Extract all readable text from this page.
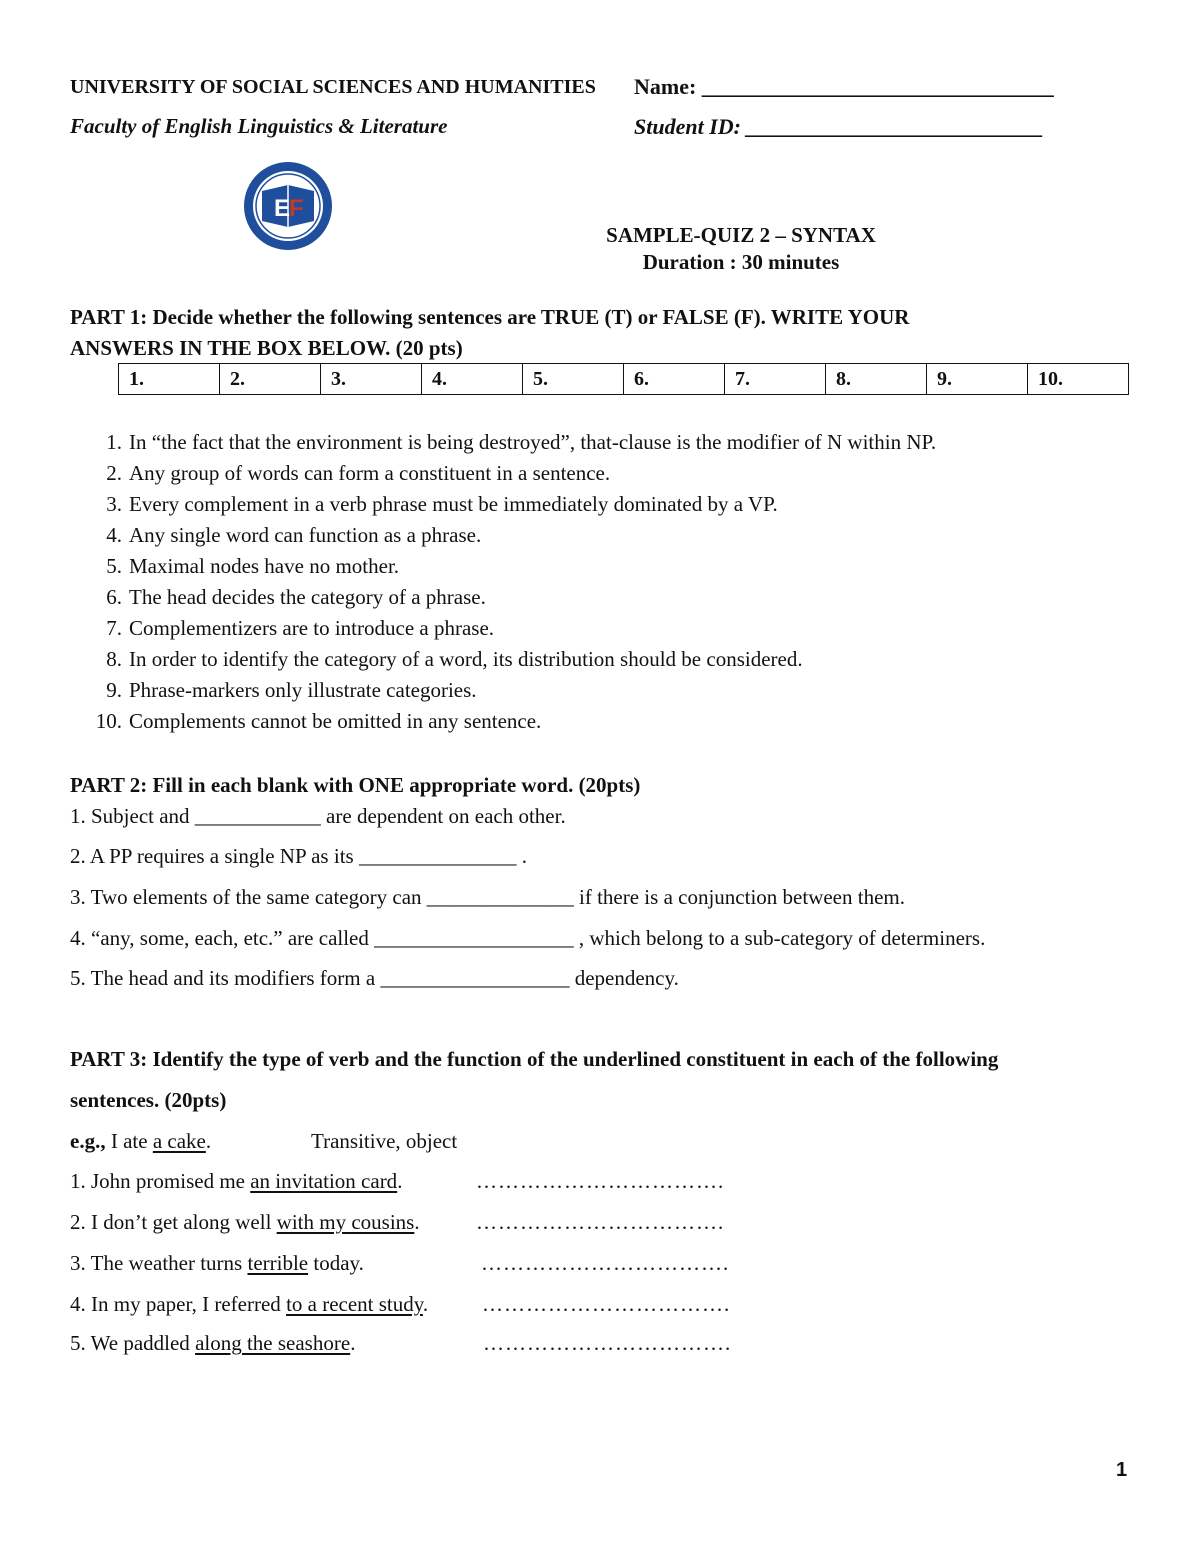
UNIVERSITY OF SOCIAL SCIENCES AND HUMANITIES
Faculty of English Linguistics & Literature
Name: ________________________________
Student ID: ___________________________
E
F
SAMPLE-QUIZ 2 – SYNTAX
Duration : 30 minutes
PART 1: Decide whether the following sentences are TRUE (T) or FALSE (F). WRITE YOUR
ANSWERS IN THE BOX BELOW. (20 pts)
1.	2.	3.	4.	5.	6.	7.	8.	9.	10.
1. In “the fact that the environment is being destroyed”, that-clause is the modifier of N within NP.
2. Any group of words can form a constituent in a sentence.
3. Every complement in a verb phrase must be immediately dominated by a VP.
4. Any single word can function as a phrase.
5. Maximal nodes have no mother.
6. The head decides the category of a phrase.
7. Complementizers are to introduce a phrase.
8. In order to identify the category of a word, its distribution should be considered.
9. Phrase-markers only illustrate categories.
10. Complements cannot be omitted in any sentence.
PART 2: Fill in each blank with ONE appropriate word. (20pts)
1. Subject and ____________ are dependent on each other.
2. A PP requires a single NP as its _______________ .
3. Two elements of the same category can ______________ if there is a conjunction between them.
4. “any, some, each, etc.” are called ___________________ , which belong to a sub-category of determiners.
5. The head and its modifiers form a __________________ dependency.
PART 3: Identify the type of verb and the function of the underlined constituent in each of the following
sentences. (20pts)
e.g., I ate a cake.	Transitive, object
1. John promised me an invitation card.	…………………………….
2. I don’t get along well with my cousins.	…………………………….
3. The weather turns terrible today.	…………………………….
4. In my paper, I referred to a recent study.	…………………………….
5. We paddled along the seashore.	…………………………….
1
